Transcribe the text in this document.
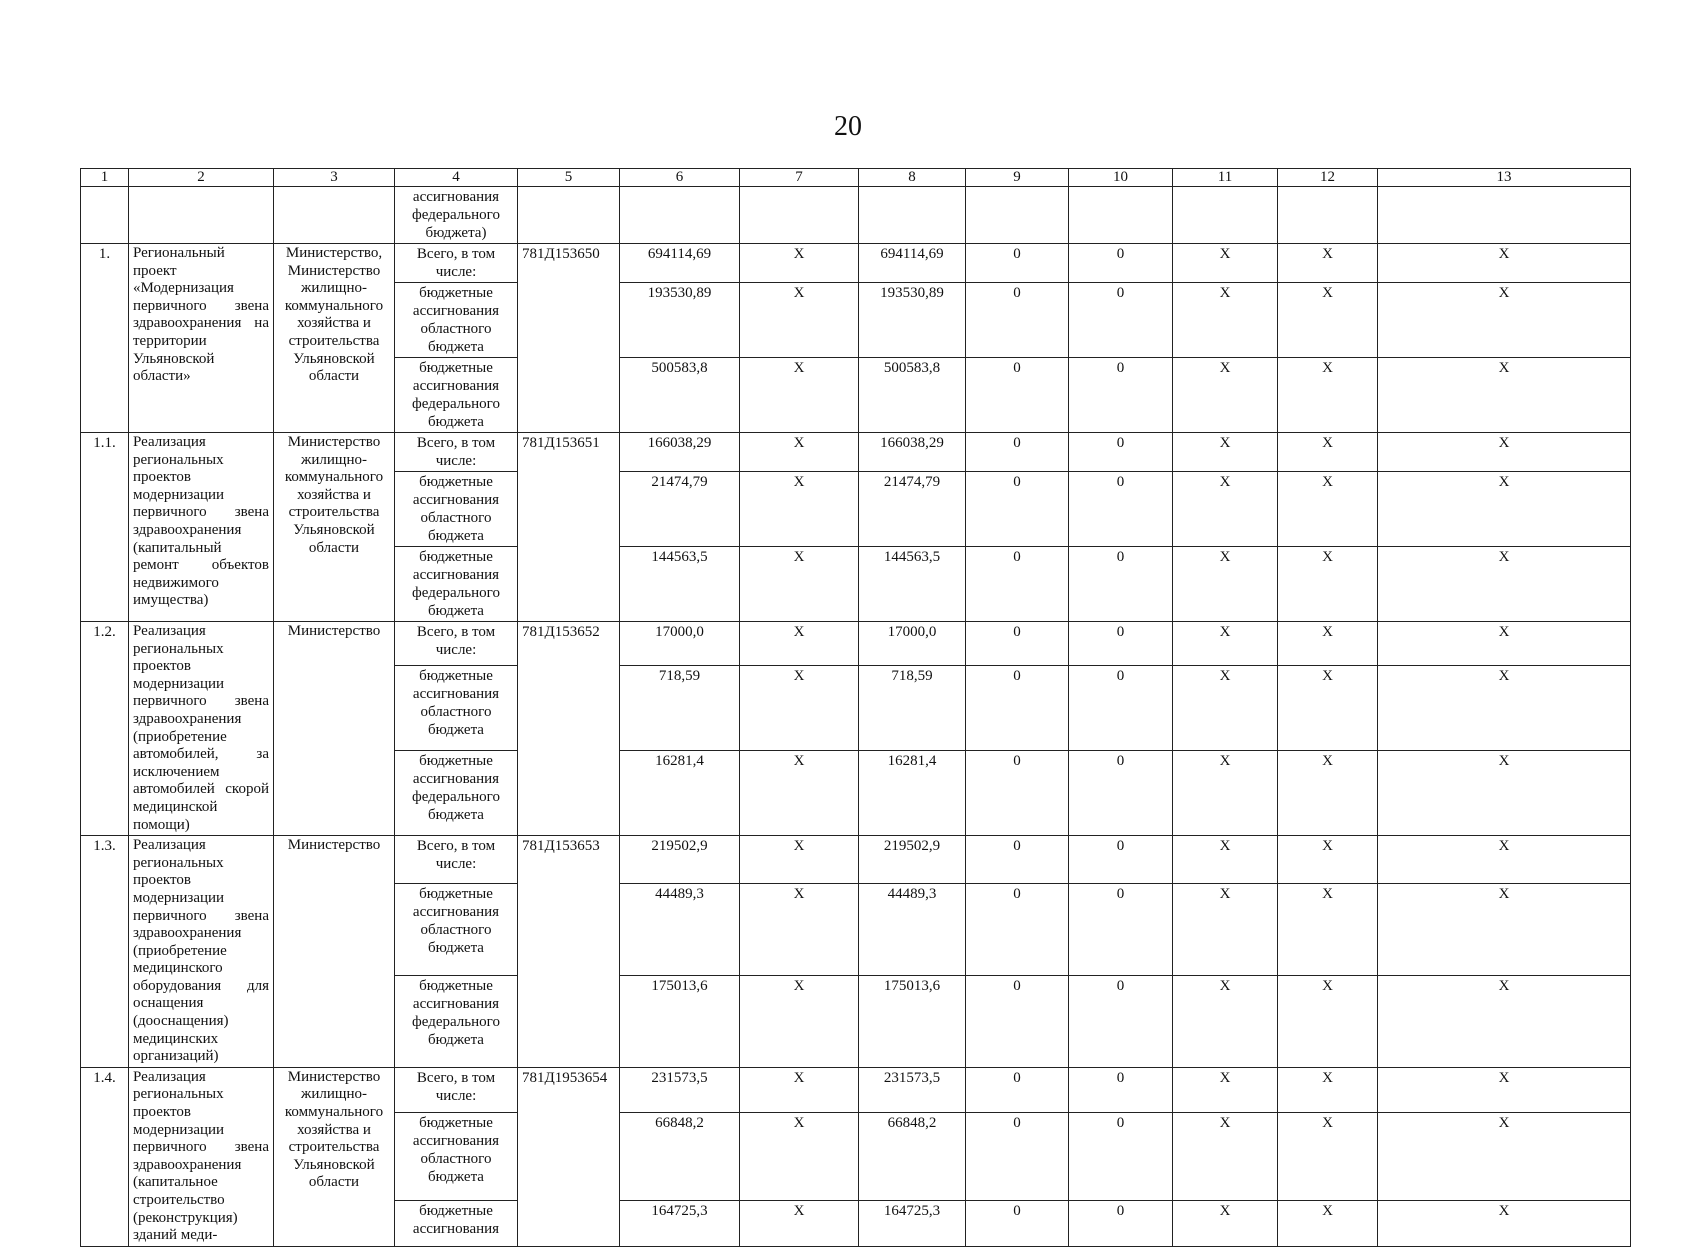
20
1	2	3	4	5	6	7	8	9	10	11	12	13
			ассигнования
федерального
бюджета)									
1.	Региональный проект «Модернизация первичного звена здравоохранения на территории Ульяновской области»	Министерство, Министерство жилищно-коммунального хозяйства и строительства Ульяновской области	Всего, в том числе:	781Д153650	694114,69	X	694114,69	0	0	X	X	X
			бюджетные ассигнования областного бюджета		193530,89	X	193530,89	0	0	X	X	X
			бюджетные ассигнования федерального бюджета		500583,8	X	500583,8	0	0	X	X	X
1.1.	Реализация региональных проектов модернизации первичного звена здравоохранения (капитальный ремонт объектов недвижимого имущества)	Министерство жилищно-коммунального хозяйства и строительства Ульяновской области	Всего, в том числе:	781Д153651	166038,29	X	166038,29	0	0	X	X	X
			бюджетные ассигнования областного бюджета		21474,79	X	21474,79	0	0	X	X	X
			бюджетные ассигнования федерального бюджета		144563,5	X	144563,5	0	0	X	X	X
1.2.	Реализация региональных проектов модернизации первичного звена здравоохранения (приобретение автомобилей, за исключением автомобилей скорой медицинской помощи)	Министерство	Всего, в том числе:	781Д153652	17000,0	X	17000,0	0	0	X	X	X
			бюджетные ассигнования областного бюджета		718,59	X	718,59	0	0	X	X	X
			бюджетные ассигнования федерального бюджета		16281,4	X	16281,4	0	0	X	X	X
1.3.	Реализация региональных проектов модернизации первичного звена здравоохранения (приобретение медицинского оборудования для оснащения (дооснащения) медицинских организаций)	Министерство	Всего, в том числе:	781Д153653	219502,9	X	219502,9	0	0	X	X	X
			бюджетные ассигнования областного бюджета		44489,3	X	44489,3	0	0	X	X	X
			бюджетные ассигнования федерального бюджета		175013,6	X	175013,6	0	0	X	X	X
1.4.	Реализация региональных проектов модернизации первичного звена здравоохранения (капитальное строительство (реконструкция) зданий меди-	Министерство жилищно-коммунального хозяйства и строительства Ульяновской области	Всего, в том числе:	781Д1953654	231573,5	X	231573,5	0	0	X	X	X
			бюджетные ассигнования областного бюджета		66848,2	X	66848,2	0	0	X	X	X
			бюджетные ассигнования		164725,3	X	164725,3	0	0	X	X	X
